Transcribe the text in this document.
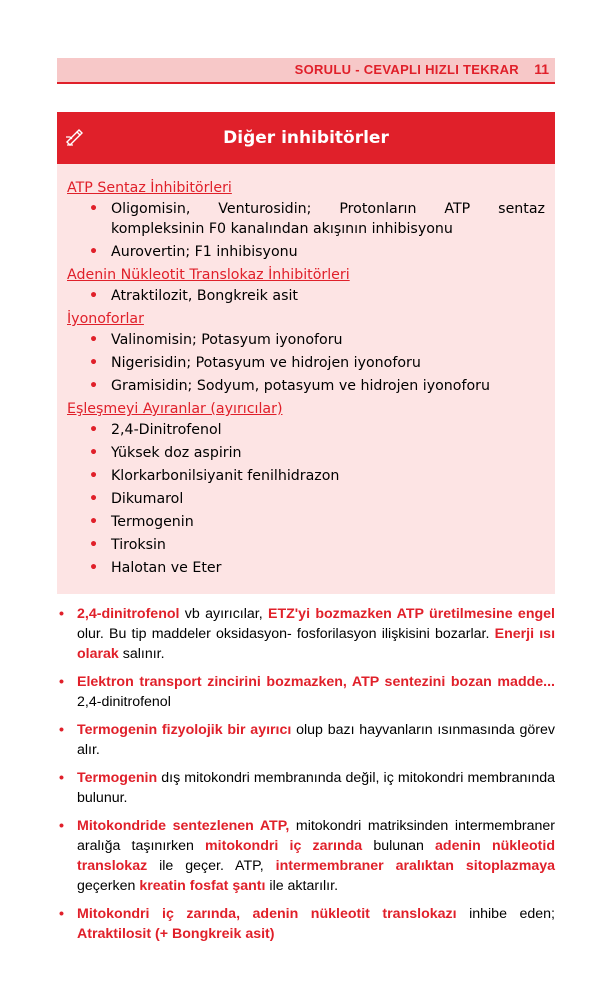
SORULU - CEVAPLI HIZLI TEKRAR 11
Diğer inhibitörler
ATP Sentaz İnhibitörleri
• Oligomisin, Venturosidin; Protonların ATP sentaz kompleksinin F0 kanalından akışının inhibisyonu
• Aurovertin; F1 inhibisyonu
Adenin Nükleotit Translokaz İnhibitörleri
• Atraktilozit, Bongkreik asit
İyonoforlar
• Valinomisin; Potasyum iyonoforu
• Nigerisidin; Potasyum ve hidrojen iyonoforu
• Gramisidin; Sodyum, potasyum ve hidrojen iyonoforu
Eşleşmeyi Ayıranlar (ayırıcılar)
• 2,4-Dinitrofenol
• Yüksek doz aspirin
• Klorkarbonilsiyanit fenilhidrazon
• Dikumarol
• Termogenin
• Tiroksin
• Halotan ve Eter
• 2,4-dinitrofenol vb ayırıcılar, ETZ'yi bozmazken ATP üretilmesine engel olur. Bu tip maddeler oksidasyon- fosforilasyon ilişkisini bozarlar. Enerji ısı olarak salınır.
• Elektron transport zincirini bozmazken, ATP sentezini bozan madde... 2,4-dinitrofenol
• Termogenin fizyolojik bir ayırıcı olup bazı hayvanların ısınmasında görev alır.
• Termogenin dış mitokondri membranında değil, iç mitokondri membranında bulunur.
• Mitokondride sentezlenen ATP, mitokondri matriksinden intermembraner aralığa taşınırken mitokondri iç zarında bulunan adenin nükleotid translokaz ile geçer. ATP, intermembraner aralıktan sitoplazmaya geçerken kreatin fosfat şantı ile aktarılır.
• Mitokondri iç zarında, adenin nükleotit translokazı inhibe eden; Atraktilosit (+ Bongkreik asit)
